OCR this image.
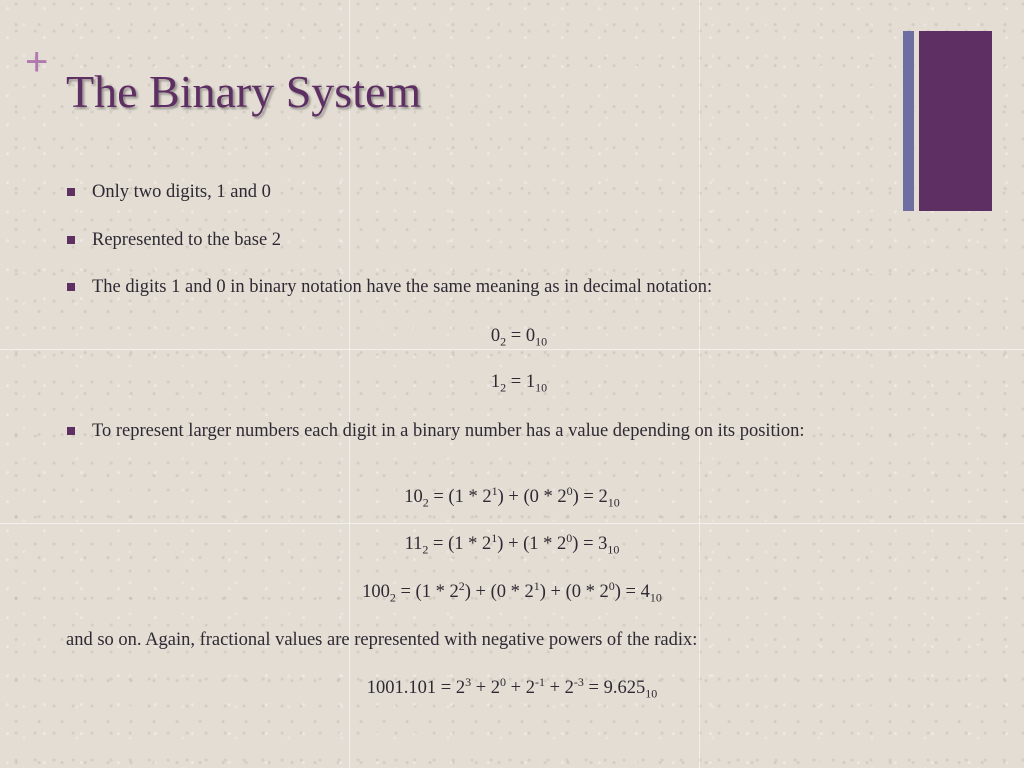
+
The Binary System
Only two digits, 1 and 0
Represented to the base 2
The digits 1 and 0 in binary notation have the same meaning as in decimal notation:
$0_2 = 0_{10}$
$1_2 = 1_{10}$
To represent larger numbers each digit in a binary number has a value depending on its position:
$10_2 = (1 * 2^1) + (0 * 2^0) = 2_{10}$
$11_2 = (1 * 2^1) + (1 * 2^0) = 3_{10}$
$100_2 = (1 * 2^2) + (0 * 2^1) + (0 * 2^0) = 4_{10}$
and so on. Again, fractional values are represented with negative powers of the radix:
$1001.101 = 2^3 + 2^0 + 2^{-1} + 2^{-3} = 9.625_{10}$
